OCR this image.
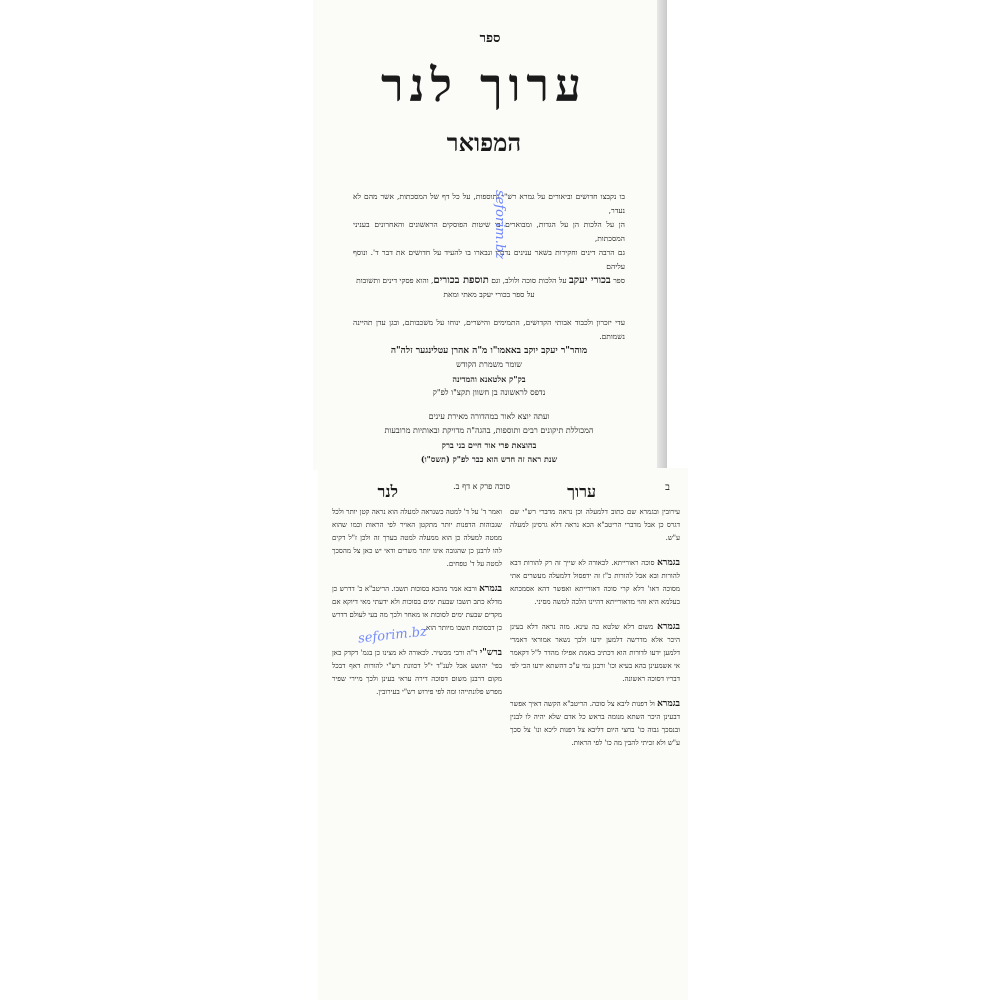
ספר
ערוך לנר
המפואר
בו נקבצו חדושים וביאורים על גמרא רש"י ותוספות, על כל דף של המסכתות, אשר מהם לא נעדר,
הן על הלכות הן על הגדות, ומבוארים בו שיטות הפוסקים הראשונים והאחרונים בעניני המסכתות,
גם הרבה דינים וחקירות בשאר ענינים נדברו ונבארו בו להעיד על חדושים את דבר ד'. ונוסף עליהם
ספר בכורי יעקב על הלכות סוכה ולולב, וגם תוספת בכורים, והוא פסקי דינים ותשובות
על ספר בכורי יעקב מאתי ומאת
עדי יזכרון ולכבוד אבותי הקדושים, התמימים והישרים, ינוחו על משכבותם, ובגן עדן תהיינה נשמותם.
מוהר"ר יעקב יוקב באאמו"ו מ"ה אהרן עטלינגער זלה"ה
שומר משמרת הקודש
בק"ק אלטאנא והמדינה
נדפס לראשונה בן חשוון תקצ"ו לפ"ק
ועתה יוצא לאור במהדורה מאירת עינים
המכוללת תיקונים רבים ותוספות, בהגה"ה מדויקת ובאותיות מרובעות
בהוצאת פרי אור חיים בני ברק
שנת ראה זה חדש הוא כבר לפ"ק (תשס"ו)
seforim.bz
ב
ערוך
סוכה פרק א דף ב.
לנר

עירובין ובגמרא שם כתוב דלמעלה וכן נראה מדברי רש"י שם דגרס כן אבל מדברי הריטב"א הכא נראה דלא גרסינן למעלה ע"ש.

בגמרא סוכה ראורייתא. לכאורה לא שייך זה רק להורות דבא להורות ובא אבל להורות כ"ז זה ידפסול דלמעלה מעשרים אתי מסוכה דאו' דלא קרי סוכה דאורייתא ואפשר דהא אסמכתא בעלמא היא והוי מדאורייתא דהיינו הלכה למשה מסיני.

בגמרא משום דלא שלטא בה עינא. מזה נראה דלא בעינן היכר אלא מדרשה דלמען ידעו ולכך נשאר אמוראי דאמרי דלמען ידעו לדורות הוא דכתיב באמת אפילו מהדר ל"ל דקאמר אי אשמעינן בהא בעיא וכו' ורבנן נמי ע"כ דהשתא ידעו הכי לפי דבריו דסוכה ראשונה.

בגמרא ול דפנות ליבא צל סוכה. הריטב"א הקשה דאיך אפשר דבעינן היכר השתא מנומה בראש כל אדם שלא יהיה לו לבנין ובנסכך גבוה כו' בחצי היום דליבא צל דפנות ליכא ונו' צל סכך ע"ש ולא זכיתי להבין מה כו' לפי הראות.

ואמר ד' על ד' למטה כשנראה למעלה הוא נראה קטן יותר ולכל שגבוהות הדפנות יותר מתקטן האויר לפי הראות וכמו שהוא ממטה למעלה כן הוא ממעלה למטה בערך זה ולכן ז"ל דקים להו לרבנן כן שהגובה אינו יותר משרים ודאי יש כאן צל מהסכך למטה על ד' טפחים.

בגמרא ורבא אמר מהכא בסוכות תשבו. הריטב"א כ' דדרש כן מדלא כתב תשבו שבעת ימים בסוכות ולא ידעתי מאי דיוקא אם מקדים שבעת ימים לסוכות או מאחר ולכך מה בעי לעולם דדרש כן דבסוכות תשבו מיותר הוא.

ברש"י ד"ה ורבי מכשיר. לכאורה לא מצינו כן בגמ' דקדק כאן בפי' יהושע אבל לענ"ד י"ל דכוונת רש"י להורות דאף דבכל מקום דרבנן משום דסוכה דירה עראי בעינן ולכך מיירי שפיר מפרש פלונתייהו ומה לפי פירוש רש"י בעירובין.

seforim.bz
